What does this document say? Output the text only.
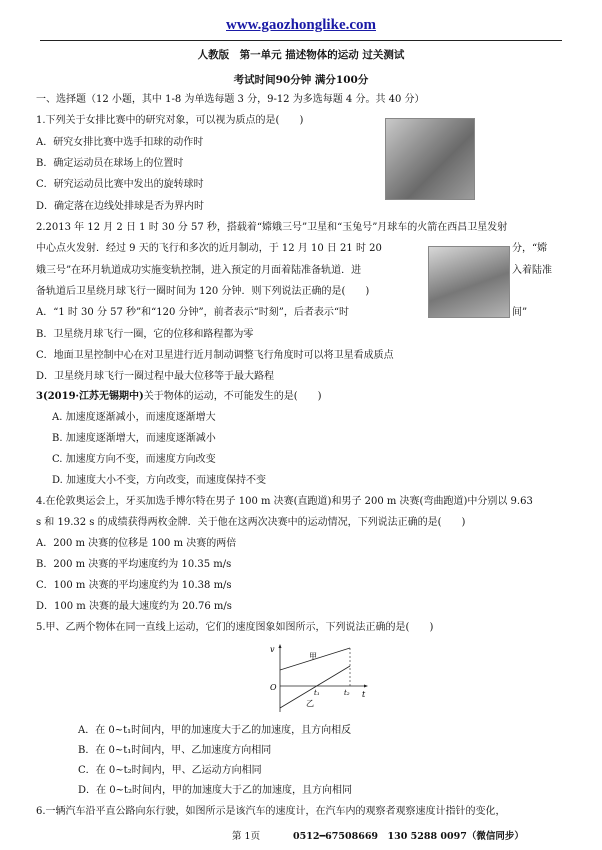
www.gaozhonglike.com
人教版　第一单元 描述物体的运动 过关测试
考试时间90分钟 满分100分
一、选择题（12 小题，其中 1-8 为单选每题 3 分，9-12 为多选每题 4 分。共 40 分）
1.下列关于女排比赛中的研究对象，可以视为质点的是(　　)
A．研究女排比赛中选手扣球的动作时
B．确定运动员在球场上的位置时
C．研究运动员比赛中发出的旋转球时
D．确定落在边线处排球是否为界内时
2.2013 年 12 月 2 日 1 时 30 分 57 秒，搭载着“嫦娥三号”卫星和“玉兔号”月球车的火箭在西昌卫星发射
中心点火发射．经过 9 天的飞行和多次的近月制动，于 12 月 10 日 21 时 20	分，“嫦
娥三号”在环月轨道成功实施变轨控制，进入预定的月面着陆准备轨道．进	入着陆准
备轨道后卫星绕月球飞行一圈时间为 120 分钟．则下列说法正确的是(　　)
A．“1 时 30 分 57 秒”和“120 分钟”，前者表示“时刻”，后者表示“时	间”
B．卫星绕月球飞行一圈，它的位移和路程都为零
C．地面卫星控制中心在对卫星进行近月制动调整飞行角度时可以将卫星看成质点
D．卫星绕月球飞行一圈过程中最大位移等于最大路程
3(2019·江苏无锡期中)关于物体的运动，不可能发生的是(　　)
A. 加速度逐渐减小，而速度逐渐增大
B. 加速度逐渐增大，而速度逐渐减小
C. 加速度方向不变，而速度方向改变
D. 加速度大小不变，方向改变，而速度保持不变
4.在伦敦奥运会上，牙买加选手博尔特在男子 100 m 决赛(直跑道)和男子 200 m 决赛(弯曲跑道)中分别以 9.63
s 和 19.32 s 的成绩获得两枚金牌．关于他在这两次决赛中的运动情况，下列说法正确的是(　　)
A．200 m 决赛的位移是 100 m 决赛的两倍
B．200 m 决赛的平均速度约为 10.35 m/s
C．100 m 决赛的平均速度约为 10.38 m/s
D．100 m 决赛的最大速度约为 20.76 m/s
5.甲、乙两个物体在同一直线上运动，它们的速度图象如图所示，下列说法正确的是(　　)
v
O
t
t₁	t₂
甲
乙
A．在 0~t₁时间内，甲的加速度大于乙的加速度，且方向相反
B．在 0~t₁时间内，甲、乙加速度方向相同
C．在 0~t₂时间内，甲、乙运动方向相同
D．在 0~t₂时间内，甲的加速度大于乙的加速度，且方向相同
6.一辆汽车沿平直公路向东行驶，如图所示是该汽车的速度计，在汽车内的观察者观察速度计指针的变化，
第 1页	0512━67508669　130 5288 0097（微信同步）
